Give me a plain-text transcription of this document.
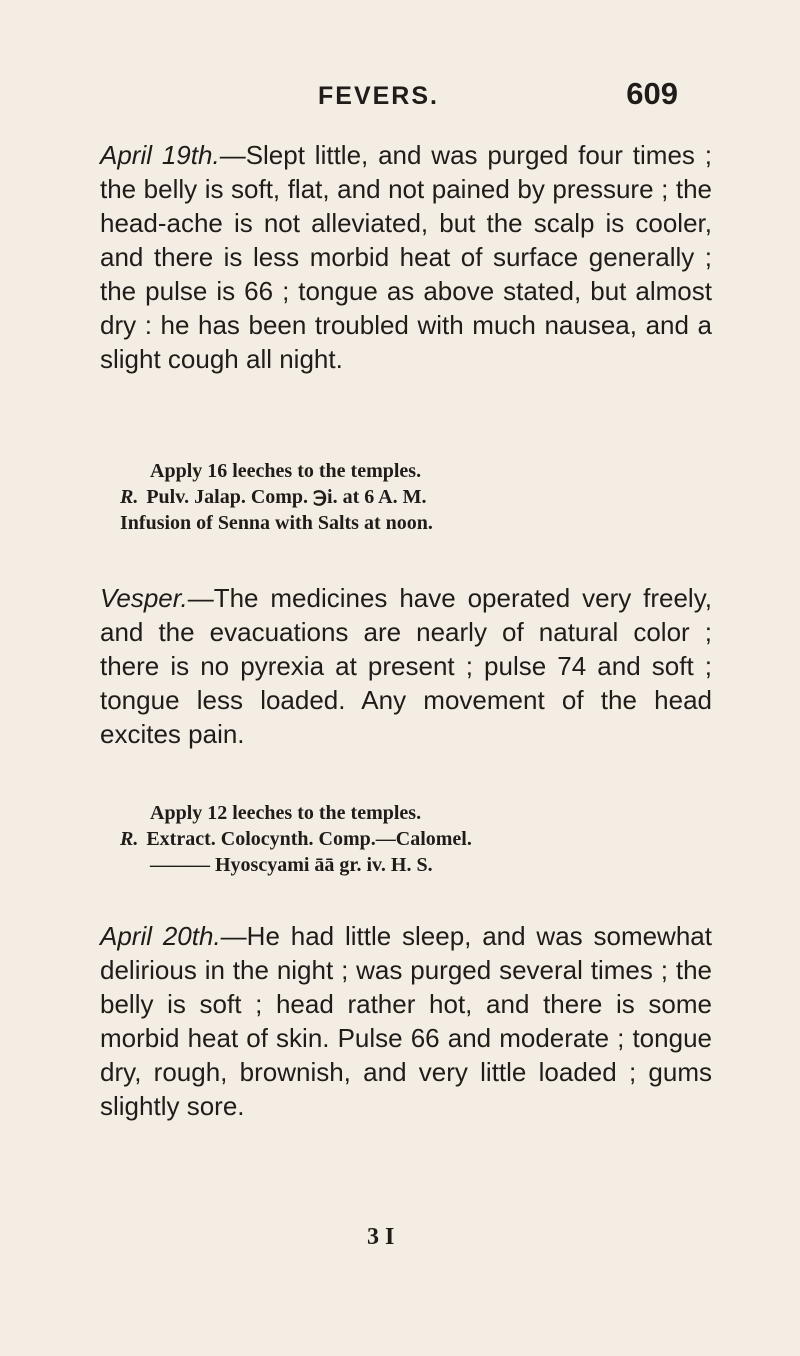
FEVERS.	609
April 19th.—Slept little, and was purged four times ; the belly is soft, flat, and not pained by pressure ; the head-ache is not alleviated, but the scalp is cooler, and there is less morbid heat of surface generally ; the pulse is 66 ; tongue as above stated, but almost dry : he has been troubled with much nausea, and a slight cough all night.
Apply 16 leeches to the temples.
R. Pulv. Jalap. Comp. ℈i. at 6 A. M.
Infusion of Senna with Salts at noon.
Vesper.—The medicines have operated very freely, and the evacuations are nearly of natural color ; there is no pyrexia at present ; pulse 74 and soft ; tongue less loaded. Any movement of the head excites pain.
Apply 12 leeches to the temples.
R. Extract. Colocynth. Comp.—Calomel.
——— Hyoscyami āā gr. iv. H. S.
April 20th.—He had little sleep, and was somewhat delirious in the night ; was purged several times ; the belly is soft ; head rather hot, and there is some morbid heat of skin. Pulse 66 and moderate ; tongue dry, rough, brownish, and very little loaded ; gums slightly sore.
3 I
